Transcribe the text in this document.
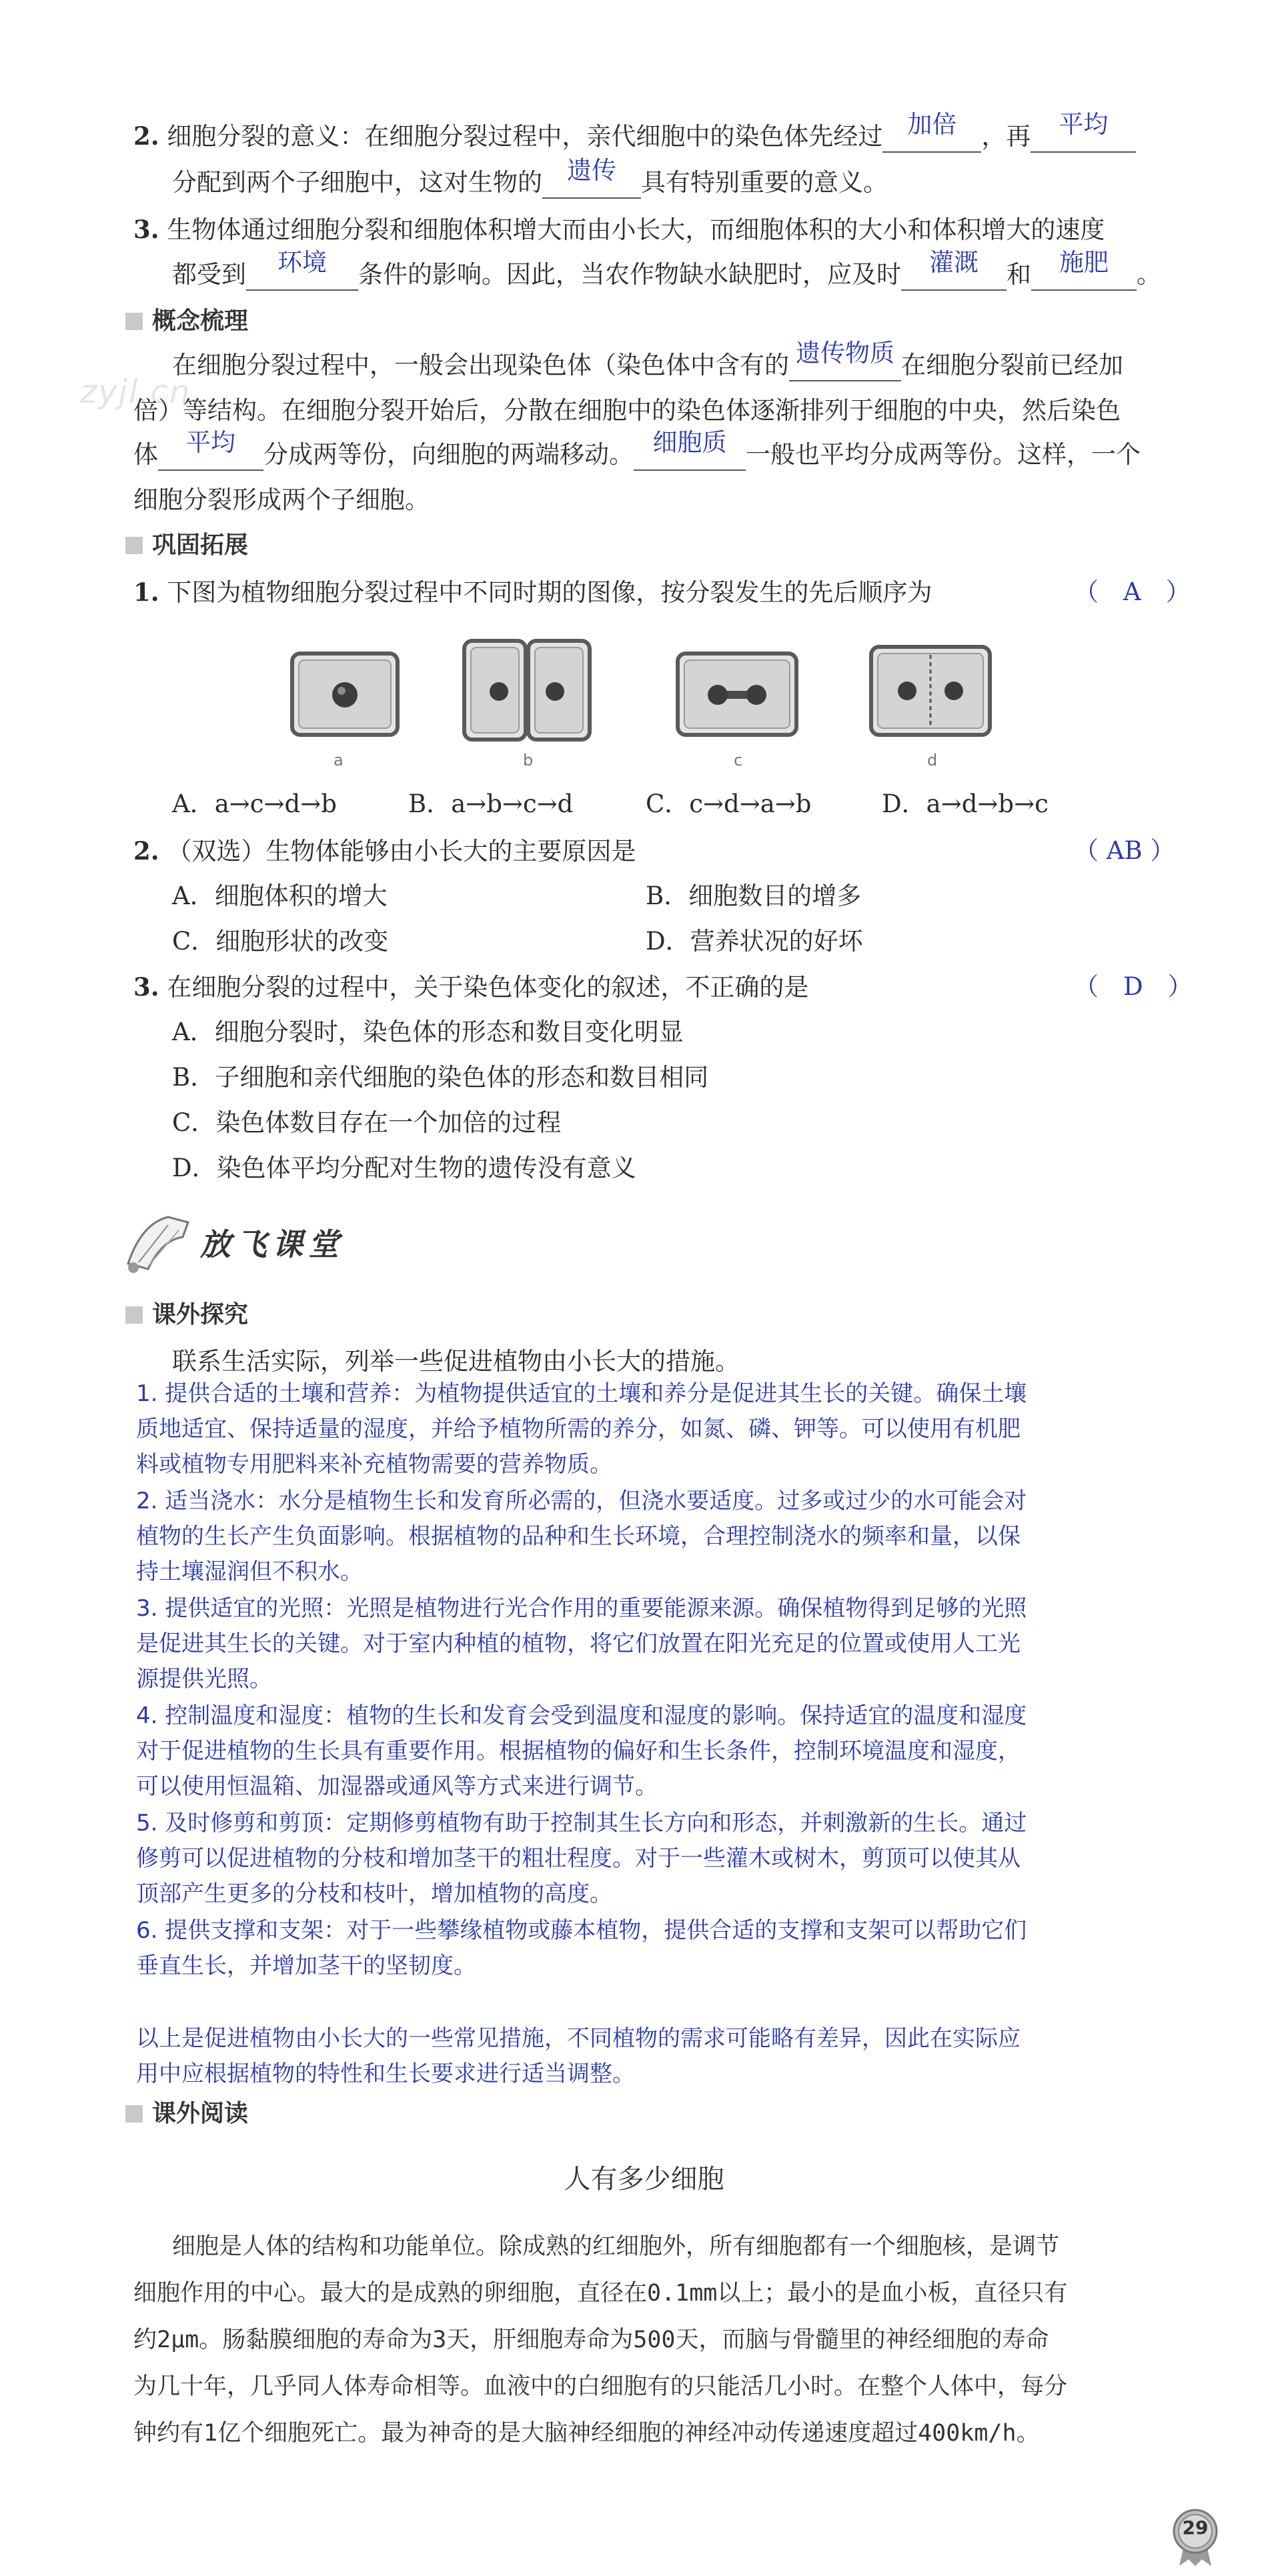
2. 细胞分裂的意义：在细胞分裂过程中，亲代细胞中的染色体先经过 加倍 ，再 平均
分配到两个子细胞中，这对生物的 遗传 具有特别重要的意义。
3. 生物体通过细胞分裂和细胞体积增大而由小长大，而细胞体积的大小和体积增大的速度
都受到 环境 条件的影响。因此，当农作物缺水缺肥时，应及时 灌溉 和 施肥 。
概念梳理
zyjl.cn
在细胞分裂过程中，一般会出现染色体（染色体中含有的 遗传物质 在细胞分裂前已经加
倍）等结构。在细胞分裂开始后，分散在细胞中的染色体逐渐排列于细胞的中央，然后染色
体 平均 分成两等份，向细胞的两端移动。 细胞质 一般也平均分成两等份。这样，一个
细胞分裂形成两个子细胞。
巩固拓展
1. 下图为植物细胞分裂过程中不同时期的图像，按分裂发生的先后顺序为	（　A　）
a	b	c	d
A．a→c→d→b	B．a→b→c→d	C．c→d→a→b	D．a→d→b→c
2. （双选）生物体能够由小长大的主要原因是	（ AB ）
A．细胞体积的增大	B．细胞数目的增多
C．细胞形状的改变	D．营养状况的好坏
3. 在细胞分裂的过程中，关于染色体变化的叙述，不正确的是	（　D　）
A．细胞分裂时，染色体的形态和数目变化明显
B．子细胞和亲代细胞的染色体的形态和数目相同
C．染色体数目存在一个加倍的过程
D．染色体平均分配对生物的遗传没有意义
放飞课堂
课外探究
联系生活实际，列举一些促进植物由小长大的措施。
1. 提供合适的土壤和营养：为植物提供适宜的土壤和养分是促进其生长的关键。确保土壤
质地适宜、保持适量的湿度，并给予植物所需的养分，如氮、磷、钾等。可以使用有机肥
料或植物专用肥料来补充植物需要的营养物质。
2. 适当浇水：水分是植物生长和发育所必需的，但浇水要适度。过多或过少的水可能会对
植物的生长产生负面影响。根据植物的品种和生长环境，合理控制浇水的频率和量，以保
持土壤湿润但不积水。
3. 提供适宜的光照：光照是植物进行光合作用的重要能源来源。确保植物得到足够的光照
是促进其生长的关键。对于室内种植的植物，将它们放置在阳光充足的位置或使用人工光
源提供光照。
4. 控制温度和湿度：植物的生长和发育会受到温度和湿度的影响。保持适宜的温度和湿度
对于促进植物的生长具有重要作用。根据植物的偏好和生长条件，控制环境温度和湿度，
可以使用恒温箱、加湿器或通风等方式来进行调节。
5. 及时修剪和剪顶：定期修剪植物有助于控制其生长方向和形态，并刺激新的生长。通过
修剪可以促进植物的分枝和增加茎干的粗壮程度。对于一些灌木或树木，剪顶可以使其从
顶部产生更多的分枝和枝叶，增加植物的高度。
6. 提供支撑和支架：对于一些攀缘植物或藤本植物，提供合适的支撑和支架可以帮助它们
垂直生长，并增加茎干的坚韧度。
以上是促进植物由小长大的一些常见措施，不同植物的需求可能略有差异，因此在实际应
用中应根据植物的特性和生长要求进行适当调整。
课外阅读
人有多少细胞
细胞是人体的结构和功能单位。除成熟的红细胞外，所有细胞都有一个细胞核，是调节
细胞作用的中心。最大的是成熟的卵细胞，直径在0.1mm以上；最小的是血小板，直径只有
约2μm。肠黏膜细胞的寿命为3天，肝细胞寿命为500天，而脑与骨髓里的神经细胞的寿命
为几十年，几乎同人体寿命相等。血液中的白细胞有的只能活几小时。在整个人体中，每分
钟约有1亿个细胞死亡。最为神奇的是大脑神经细胞的神经冲动传递速度超过400km/h。
29
